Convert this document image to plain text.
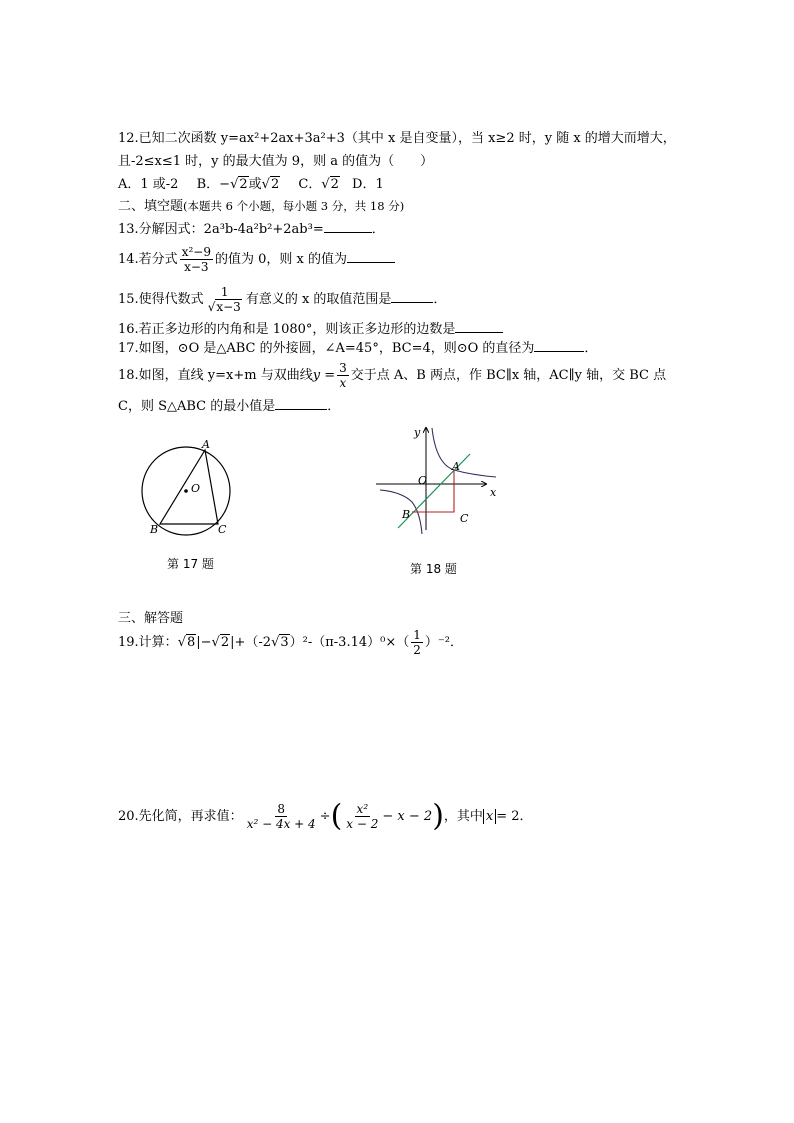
12.已知二次函数 y=ax²+2ax+3a²+3（其中 x 是自变量），当 x≥2 时，y 随 x 的增大而增大，
且-2≤x≤1 时，y 的最大值为 9，则 a 的值为（　　）
A．1 或-2 B．−√2或√2 C．√2 D．1
二、填空题(本题共 6 个小题，每小题 3 分，共 18 分)
13.分解因式：2a³b-4a²b²+2ab³=	．
14.若分式 $\frac{\text{x²−9}}{x-3}$ 的值为 0，则 x 的值为
15.使得代数式 $\frac{1}{√x-3}$ 有意义的 x 的取值范围是	．
16.若正多边形的内角和是 1080°，则该正多边形的边数是
17.如图，⊙O 是△ABC 的外接圆，∠A=45°，BC=4，则⊙O 的直径为	．
18.如图，直线 y=x+m 与双曲线$y = \frac{3}{x}$ 交于点 A、B 两点，作 BC∥x 轴，AC∥y 轴，交 BC 点
C，则 S△ABC 的最小值是	．
A
O
B	C
第 17 题
y
x
O
A
B	C
第 18 题
三、解答题
19.计算：$√8|-√2|+(-2√3)^2-(\pi-3.14)^0\times( \frac{1}{2} )^{-2}$．
20.先化简，再求值： $\frac{8}{\text{x² − 4x + 4}}$ ÷( $\frac{\text{x²}}{x - 2} - x - 2$)，其中 x = 2．
